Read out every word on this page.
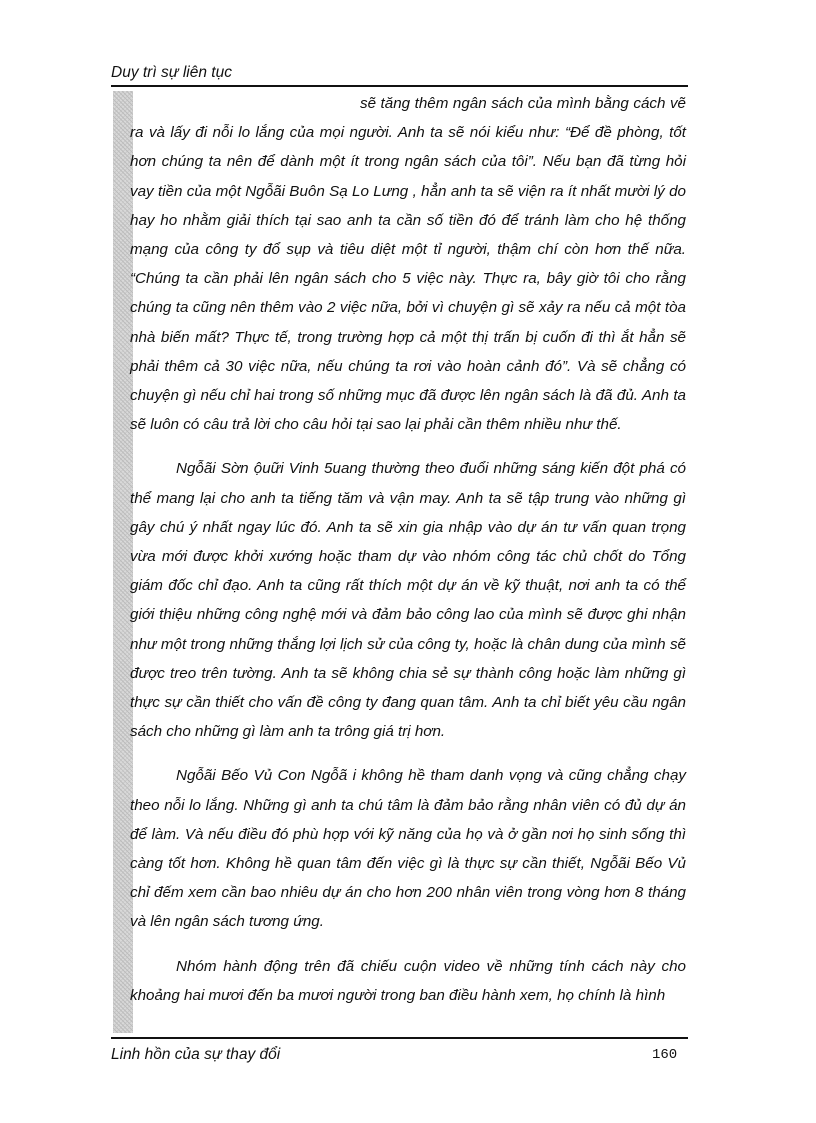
Duy trì sự liên tục

sẽ tăng thêm ngân sách của mình bằng cách vẽ ra và lấy đi nỗi lo lắng của mọi người. Anh ta sẽ nói kiểu như: “Để đề phòng, tốt hơn chúng ta nên để dành một ít trong ngân sách của tôi”. Nếu bạn đã từng hỏi vay tiền của một Ngỗãi Buôn Sạ Lo Lưng , hẳn anh ta sẽ viện ra ít nhất mười lý do hay ho nhằm giải thích tại sao anh ta cần số tiền đó để tránh làm cho hệ thống mạng của công ty đổ sụp và tiêu diệt một tỉ người, thậm chí còn hơn thế nữa. “Chúng ta cần phải lên ngân sách cho 5 việc này. Thực ra, bây giờ tôi cho rằng chúng ta cũng nên thêm vào 2 việc nữa, bởi vì chuyện gì sẽ xảy ra nếu cả một tòa nhà biến mất? Thực tế, trong trường hợp cả một thị trấn bị cuốn đi thì ắt hẳn sẽ phải thêm cả 30 việc nữa, nếu chúng ta rơi vào hoàn cảnh đó”. Và sẽ chẳng có chuyện gì nếu chỉ hai trong số những mục đã được lên ngân sách là đã đủ. Anh ta sẽ luôn có câu trả lời cho câu hỏi tại sao lại phải cần thêm nhiều như thế.

Ngỗãi Sờn ộuữi Vinh 5uang thường theo đuổi những sáng kiến đột phá có thể mang lại cho anh ta tiếng tăm và vận may. Anh ta sẽ tập trung vào những gì gây chú ý nhất ngay lúc đó. Anh ta sẽ xin gia nhập vào dự án tư vấn quan trọng vừa mới được khởi xướng hoặc tham dự vào nhóm công tác chủ chốt do Tổng giám đốc chỉ đạo. Anh ta cũng rất thích một dự án về kỹ thuật, nơi anh ta có thể giới thiệu những công nghệ mới và đảm bảo công lao của mình sẽ được ghi nhận như một trong những thắng lợi lịch sử của công ty, hoặc là chân dung của mình sẽ được treo trên tường. Anh ta sẽ không chia sẻ sự thành công hoặc làm những gì thực sự cần thiết cho vấn đề công ty đang quan tâm. Anh ta chỉ biết yêu cầu ngân sách cho những gì làm anh ta trông giá trị hơn.

Ngỗãi Bếo Vủ Con Ngỗã i không hề tham danh vọng và cũng chẳng chạy theo nỗi lo lắng. Những gì anh ta chú tâm là đảm bảo rằng nhân viên có đủ dự án để làm. Và nếu điều đó phù hợp với kỹ năng của họ và ở gần nơi họ sinh sống thì càng tốt hơn. Không hề quan tâm đến việc gì là thực sự cần thiết, Ngỗãi Bếo Vủ chỉ đếm xem cần bao nhiêu dự án cho hơn 200 nhân viên trong vòng hơn 8 tháng và lên ngân sách tương ứng.

Nhóm hành động trên đã chiếu cuộn video về những tính cách này cho khoảng hai mươi đến ba mươi người trong ban điều hành xem, họ chính là hình

Linh hồn của sự thay đổi	160
